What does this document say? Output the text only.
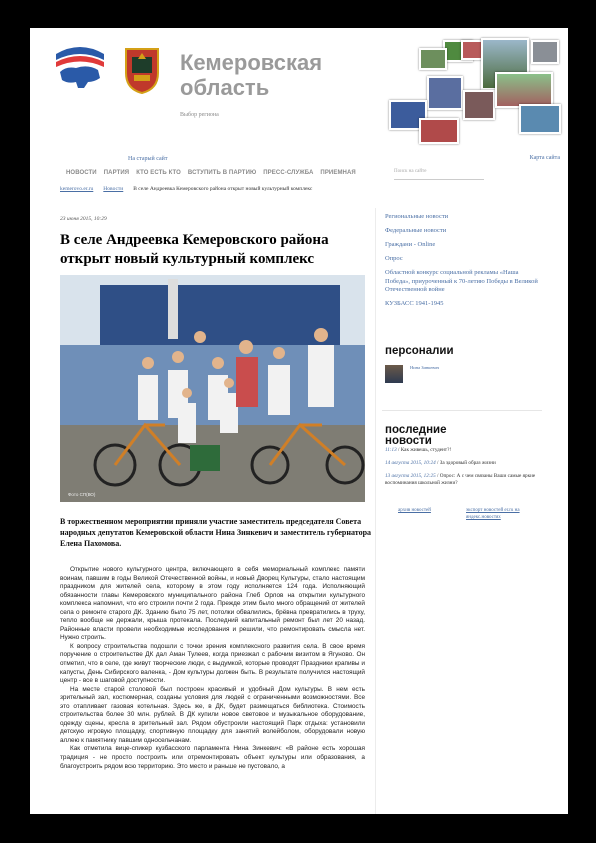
Кемеровская область
Выбор региона
На старый сайт	Карта сайта
НОВОСТИ ПАРТИЯ КТО ЕСТЬ КТО ВСТУПИТЬ В ПАРТИЮ ПРЕСС-СЛУЖБА ПРИЕМНАЯ	Поиск на сайте
kemerovo.er.ru Новости В селе Андреевка Кемеровского района открыт новый культурный комплекс
23 июня 2015, 10:29
В селе Андреевка Кемеровского района открыт новый культурный комплекс
Фото СП(ВО)
В торжественном мероприятии приняли участие заместитель председателя Совета народных депутатов Кемеровской области Нина Зинкевич и заместитель губернатора Елена Пахомова.

Открытие нового культурного центра, включающего в себя мемориальный комплекс памяти воинам, павшим в годы Великой Отечественной войны, и новый Дворец Культуры, стало настоящим праздником для жителей села, которому в этом году исполняется 124 года. Исполняющий обязанности главы Кемеровского муниципального района Глеб Орлов на открытии культурного комплекса напомнил, что его строили почти 2 года. Прежде этим было много обращений от жителей села о ремонте старого ДК. Зданию было 75 лет, потолки обвалились, брёвна превратились в труху, тепло вообще не держали, крыша протекала. Последний капитальный ремонт был лет 20 назад. Районные власти провели необходимые исследования и решили, что ремонтировать смысла нет. Нужно строить.

К вопросу строительства подошли с точки зрения комплексного развития села. В свое время поручение о строительстве ДК дал Аман Тулеев, когда приезжал с рабочим визитом в Ягуново. Он отметил, что в селе, где живут творческие люди, с выдумкой, которые проводят Праздники крапивы и капусты, День Сибирского валенка, - Дом культуры должен быть. В результате получился настоящий центр - все в шаговой доступности.

На месте старой столовой был построен красивый и удобный Дом культуры. В нем есть зрительный зал, костюмерная, созданы условия для людей с ограниченными возможностями. Все это отапливает газовая котельная. Здесь же, в ДК, будет размещаться библиотека. Стоимость строительства более 30 млн. рублей. В ДК купили новое световое и музыкальное оборудование, одежду сцены, кресла в зрительный зал. Рядом обустроили настоящий Парк отдыха: установили детскую игровую площадку, спортивную площадку для занятий волейболом, оборудовали новую аллею к памятнику павшим односельчанам.

Как отметила вице-спикер кузбасского парламента Нина Зинкевич: «В районе есть хорошая традиция - не просто построить или отремонтировать объект культуры или образования, а благоустроить рядом всю территорию. Это место и раньше не пустовало, а

Региональные новости
Федеральные новости
Граждани - Online
Опрос
Областной конкурс социальной рекламы «Наша Победа», приуроченный к 70-летию Победы в Великой Отечественной войне
КУЗБАСС 1941-1945
персоналии
Нина Зинкевич
последние новости
11:13 / Как живешь, студент?!
14 августа 2015, 10:24 / За здоровый образ жизни
13 августа 2015, 12:25 / Опрос: А с чем связаны Ваши самые яркие воспоминания школьной жизни?
архив новостей	экспорт новостей er.ru на яндекс.новостях
